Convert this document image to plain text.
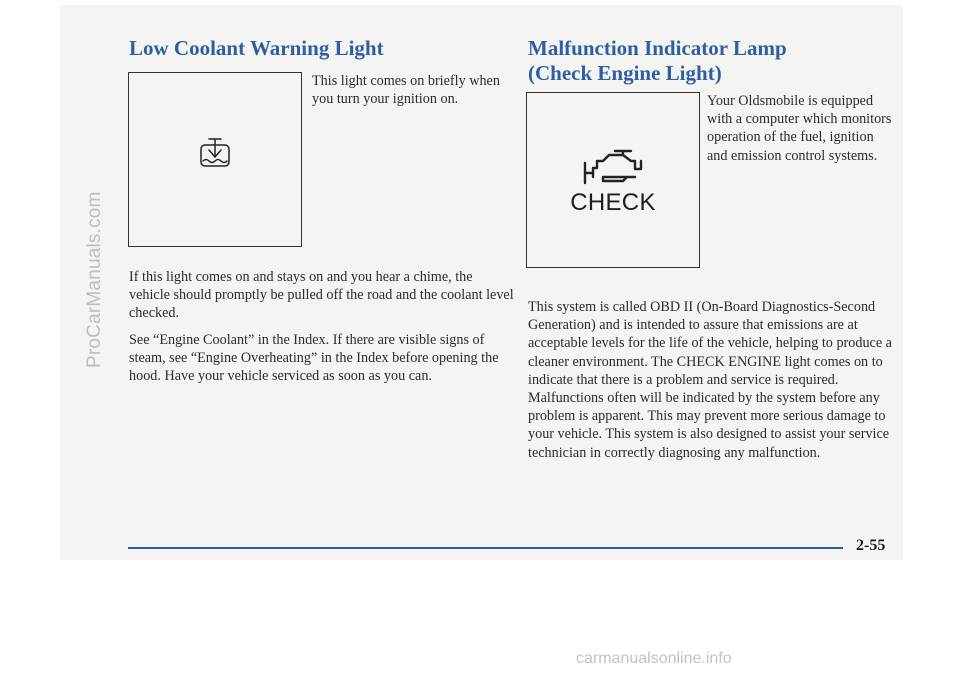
ProCarManuals.com
Low Coolant Warning Light

This light comes on briefly when you turn your ignition on.

If this light comes on and stays on and you hear a chime, the vehicle should promptly be pulled off the road and the coolant level checked.

See “Engine Coolant” in the Index. If there are visible signs of steam, see “Engine Overheating” in the Index before opening the hood. Have your vehicle serviced as soon as you can.

Malfunction Indicator Lamp
(Check Engine Light)
CHECK

Your Oldsmobile is equipped with a computer which monitors operation of the fuel, ignition and emission control systems.

This system is called OBD II (On-Board Diagnostics-Second Generation) and is intended to assure that emissions are at acceptable levels for the life of the vehicle, helping to produce a cleaner environment. The CHECK ENGINE light comes on to indicate that there is a problem and service is required. Malfunctions often will be indicated by the system before any problem is apparent. This may prevent more serious damage to your vehicle. This system is also designed to assist your service technician in correctly diagnosing any malfunction.

2-55
carmanualsonline.info
